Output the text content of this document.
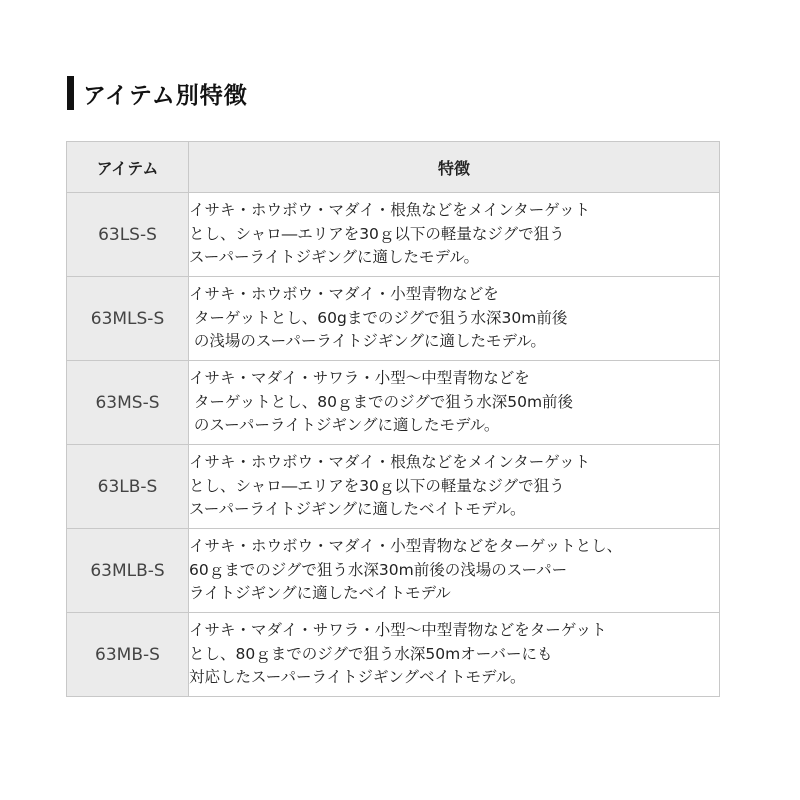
アイテム別特徴
アイテム	特徴
63LS-S	イサキ・ホウボウ・マダイ・根魚などをメインターゲット
とし、シャロ―エリアを30ｇ以下の軽量なジグで狙う
スーパーライトジギングに適したモデル。

63MLS-S	イサキ・ホウボウ・マダイ・小型青物などを
ターゲットとし、60gまでのジグで狙う水深30m前後
の浅場のスーパーライトジギングに適したモデル。

63MS-S	イサキ・マダイ・サワラ・小型～中型青物などを
ターゲットとし、80ｇまでのジグで狙う水深50m前後
のスーパーライトジギングに適したモデル。

63LB-S	イサキ・ホウボウ・マダイ・根魚などをメインターゲット
とし、シャロ―エリアを30ｇ以下の軽量なジグで狙う
スーパーライトジギングに適したベイトモデル。

63MLB-S	イサキ・ホウボウ・マダイ・小型青物などをターゲットとし、
60ｇまでのジグで狙う水深30m前後の浅場のスーパー
ライトジギングに適したベイトモデル

63MB-S	イサキ・マダイ・サワラ・小型～中型青物などをターゲット
とし、80ｇまでのジグで狙う水深50mオーバーにも
対応したスーパーライトジギングベイトモデル。
